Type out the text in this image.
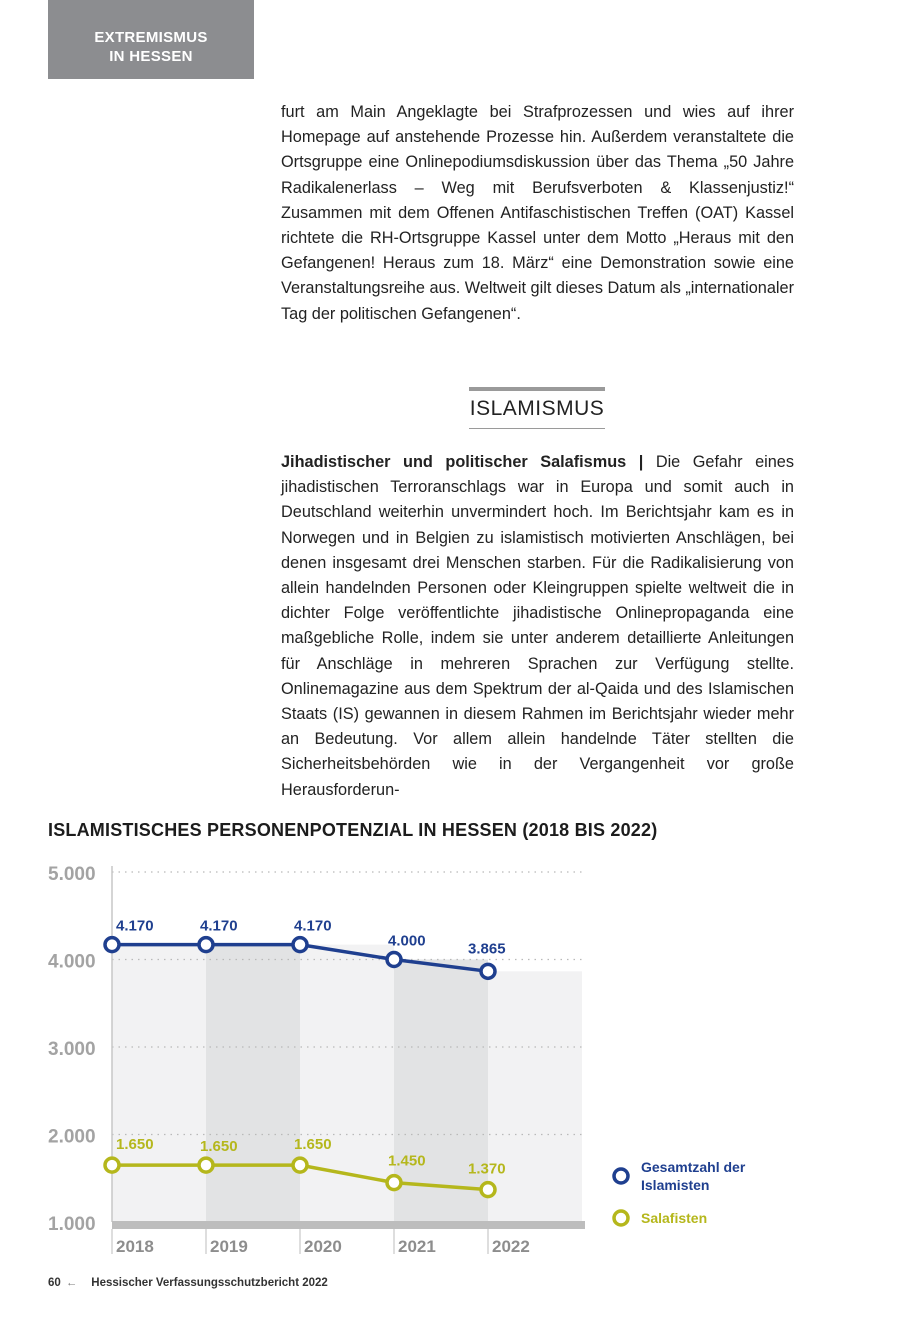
EXTREMISMUS
IN HESSEN

furt am Main Angeklagte bei Strafprozessen und wies auf ihrer Homepage auf anstehende Prozesse hin. Außerdem veranstaltete die Ortsgruppe eine Onlinepodiumsdiskussion über das Thema „50 Jahre Radikalenerlass – Weg mit Berufsverboten & Klassenjustiz!“ Zusammen mit dem Offenen Antifaschistischen Treffen (OAT) Kassel richtete die RH-Ortsgruppe Kassel unter dem Motto „Heraus mit den Gefangenen! Heraus zum 18. März“ eine Demonstration sowie eine Veranstaltungsreihe aus. Weltweit gilt dieses Datum als „internationaler Tag der politischen Gefangenen“.

ISLAMISMUS

Jihadistischer und politischer Salafismus | Die Gefahr eines jihadistischen Terroranschlags war in Europa und somit auch in Deutschland weiterhin unvermindert hoch. Im Berichtsjahr kam es in Norwegen und in Belgien zu islamistisch motivierten Anschlägen, bei denen insgesamt drei Menschen starben. Für die Radikalisierung von allein handelnden Personen oder Kleingruppen spielte weltweit die in dichter Folge veröffentlichte jihadistische Onlinepropaganda eine maßgebliche Rolle, indem sie unter anderem detaillierte Anleitungen für Anschläge in mehreren Sprachen zur Verfügung stellte. Onlinemagazine aus dem Spektrum der al-Qaida und des Islamischen Staats (IS) gewannen in diesem Rahmen im Berichtsjahr wieder mehr an Bedeutung. Vor allem allein handelnde Täter stellten die Sicherheitsbehörden wie in der Vergangenheit vor große Herausforderun-

ISLAMISTISCHES PERSONENPOTENZIAL IN HESSEN (2018 BIS 2022)
1.000
2.000
3.000
4.000
5.000
2018	2019	2020	2021	2022
4.170	4.170	4.170
4.000	3.865
1.650	1.650	1.650
1.450	1.370	Gesamtzahl der
Islamisten
Salafisten
60 ← Hessischer Verfassungsschutzbericht 2022
